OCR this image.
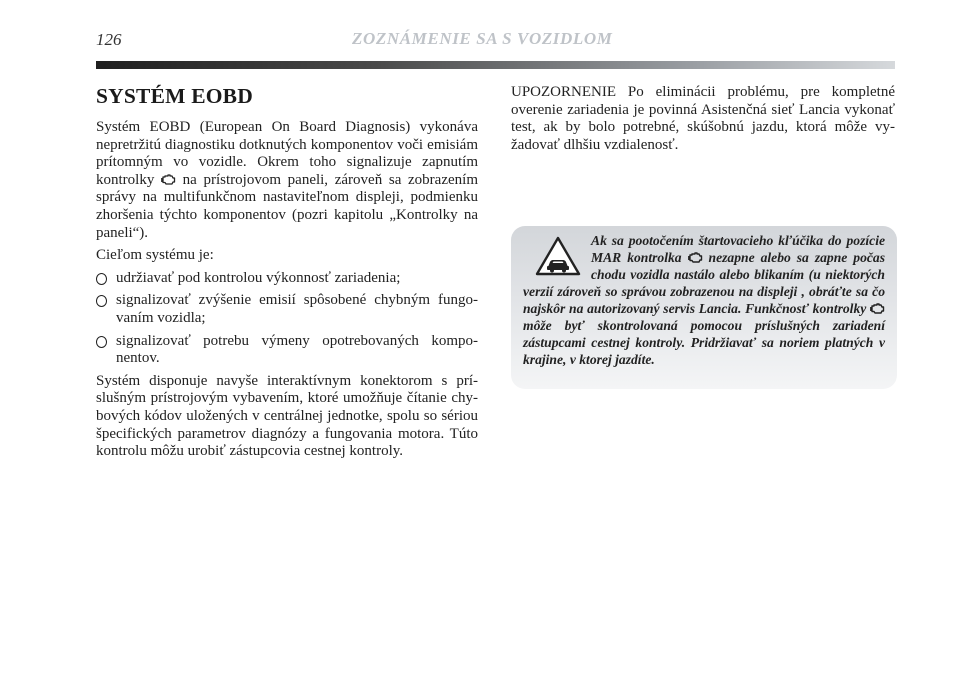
126	ZOZNÁMENIE SA S VOZIDLOM
SYSTÉM EOBD

Systém EOBD (European On Board Diagnosis) vykonáva nepretržitú diagnostiku dotknutých komponentov voči emisiám prítomným vo vozidle. Okrem toho signalizuje zapnutím kontrolky
na prístrojovom paneli, zároveň sa zobrazením správy na multifunkčnom nastaviteľnom displeji, podmienku zhoršenia týchto komponentov (pozri kapitolu „Kontrolky na paneli“).

Cieľom systému je:

udržiavať pod kontrolou výkonnosť zariadenia;
signalizovať zvýšenie emisií spôsobené chybným fungovaním vozidla;
signalizovať potrebu výmeny opotrebovaných komponentov.

Systém disponuje navyše interaktívnym konektorom s príslušným prístrojovým vybavením, ktoré umožňuje čítanie chybových kódov uložených v centrálnej jednotke, spolu so sériou špecifických parametrov diagnózy a fungovania motora. Túto kontrolu môžu urobiť zástupcovia cestnej kontroly.

UPOZORNENIE Po eliminácii problému, pre kompletné overenie zariadenia je povinná Asistenčná sieť Lancia vykonať test, ak by bolo potrebné, skúšobnú jazdu, ktorá môže vyžadovať dlhšiu vzdialenosť.

Ak sa pootočením štartovacieho kľúčika do pozície MAR kontrolka
nezapne alebo sa zapne počas chodu vozidla nastálo alebo blikaním (u niektorých verzií zároveň so správou zobrazenou na displeji , obráťte sa čo najskôr na autorizovaný servis Lancia. Funkčnosť kontrolky
môže byť skontrolovaná pomocou príslušných zariadení zástupcami cestnej kontroly. Pridržiavať sa noriem platných v krajine, v ktorej jazdíte.
